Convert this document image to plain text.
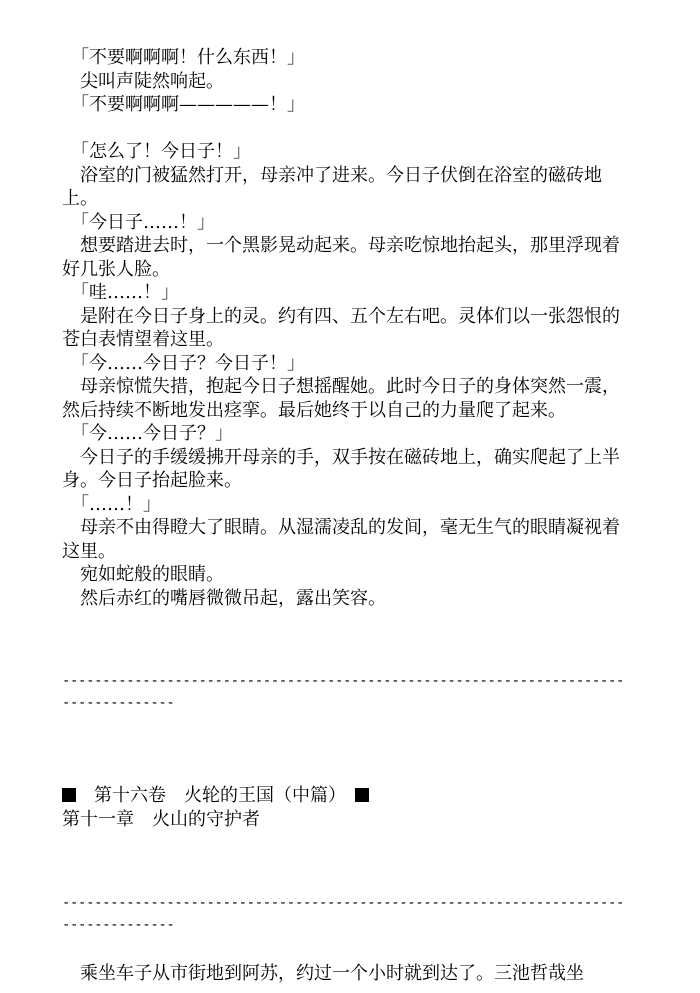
　「不要啊啊啊！什么东西！」

　尖叫声陡然响起。

　「不要啊啊啊—————！」

　「怎么了！今日子！」

　浴室的门被猛然打开，母亲冲了进来。今日子伏倒在浴室的磁砖地上。

　「今日子……！」

　想要踏进去时，一个黑影晃动起来。母亲吃惊地抬起头，那里浮现着好几张人脸。

　「哇……！」

　是附在今日子身上的灵。约有四、五个左右吧。灵体们以一张怨恨的苍白表情望着这里。

　「今……今日子？今日子！」

　母亲惊慌失措，抱起今日子想摇醒她。此时今日子的身体突然一震，然后持续不断地发出痉挛。最后她终于以自己的力量爬了起来。

　「今……今日子？」

　今日子的手缓缓拂开母亲的手，双手按在磁砖地上，确实爬起了上半身。今日子抬起脸来。

　「……！」

　母亲不由得瞪大了眼睛。从湿濡凌乱的发间，毫无生气的眼睛凝视着这里。

　宛如蛇般的眼睛。

　然后赤红的嘴唇微微吊起，露出笑容。

------------------------------------------------------------------------------------

　第十六卷　火轮的王国（中篇）　

第十一章　火山的守护者

------------------------------------------------------------------------------------

　乘坐车子从市街地到阿苏，约过一个小时就到达了。三池哲哉坐
